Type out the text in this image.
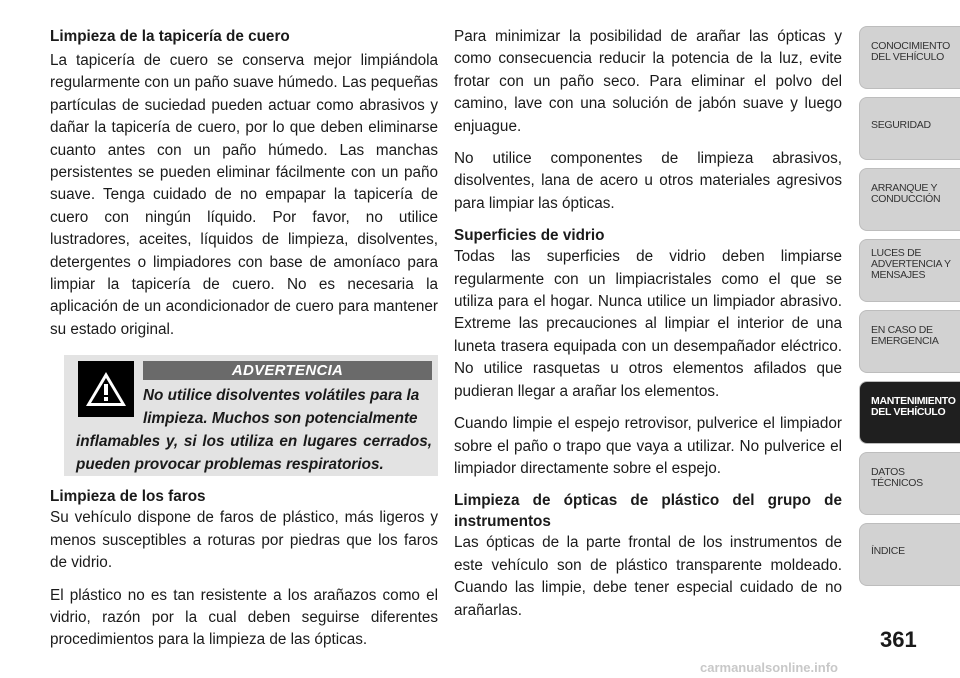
Limpieza de la tapicería de cuero

La tapicería de cuero se conserva mejor limpiándola regularmente con un paño suave húmedo. Las pequeñas partículas de suciedad pueden actuar como abrasivos y dañar la tapicería de cuero, por lo que deben eliminarse cuanto antes con un paño húmedo. Las manchas persistentes se pueden eliminar fácilmente con un paño suave. Tenga cuidado de no empapar la tapicería de cuero con ningún líquido. Por favor, no utilice lustradores, aceites, líquidos de limpieza, disolventes, detergentes o limpiadores con base de amoníaco para limpiar la tapicería de cuero. No es necesaria la aplicación de un acondicionador de cuero para mantener su estado original.

ADVERTENCIA
No utilice disolventes volátiles para la
limpieza. Muchos son potencialmente
inflamables y, si los utiliza en lugares cerrados, pueden provocar problemas respiratorios.
Limpieza de los faros

Su vehículo dispone de faros de plástico, más ligeros y menos susceptibles a roturas por piedras que los faros de vidrio.

El plástico no es tan resistente a los arañazos como el vidrio, razón por la cual deben seguirse diferentes procedimientos para la limpieza de las ópticas.

Para minimizar la posibilidad de arañar las ópticas y como consecuencia reducir la potencia de la luz, evite frotar con un paño seco. Para eliminar el polvo del camino, lave con una solución de jabón suave y luego enjuague.

No utilice componentes de limpieza abrasivos, disolventes, lana de acero u otros materiales agresivos para limpiar las ópticas.

Superficies de vidrio

Todas las superficies de vidrio deben limpiarse regularmente con un limpiacristales como el que se utiliza para el hogar. Nunca utilice un limpiador abrasivo. Extreme las precauciones al limpiar el interior de una luneta trasera equipada con un desempañador eléctrico. No utilice rasquetas u otros elementos afilados que pudieran llegar a arañar los elementos.

Cuando limpie el espejo retrovisor, pulverice el limpiador sobre el paño o trapo que vaya a utilizar. No pulverice el limpiador directamente sobre el espejo.

Limpieza de ópticas de plástico del grupo de instrumentos

Las ópticas de la parte frontal de los instrumentos de este vehículo son de plástico transparente moldeado. Cuando las limpie, debe tener especial cuidado de no arañarlas.

CONOCIMIENTO
DEL VEHÍCULO
SEGURIDAD
ARRANQUE Y
CONDUCCIÓN
LUCES DE
ADVERTENCIA Y
MENSAJES
EN CASO DE
EMERGENCIA
MANTENIMIENTO
DEL VEHÍCULO
DATOS
TÉCNICOS
ÍNDICE
361
carmanualsonline.info
